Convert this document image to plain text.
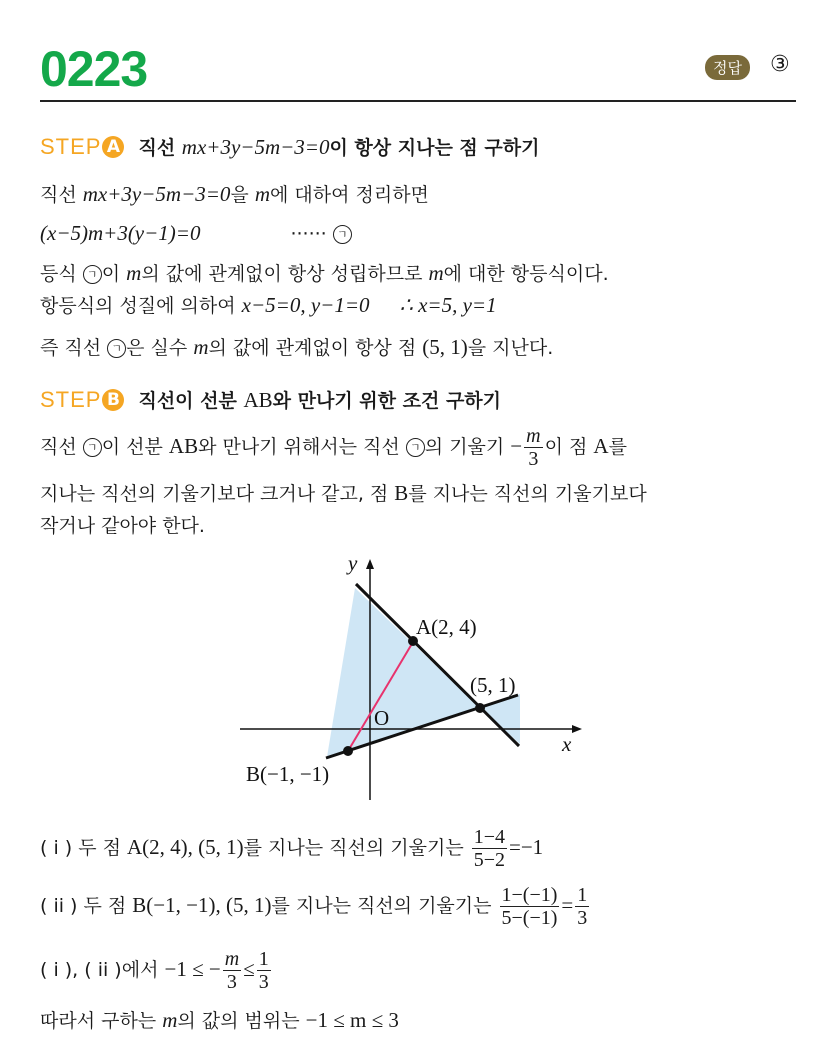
0223	정답	③
STEP A 직선 mx+3y−5m−3=0이 항상 지나는 점 구하기
직선 mx+3y−5m−3=0을 m에 대하여 정리하면
(x−5)m+3(y−1)=0	······ ㄱ
등식 ㄱ 이 m의 값에 관계없이 항상 성립하므로 m에 대한 항등식이다.
항등식의 성질에 의하여 x−5=0, y−1=0 ∴ x=5, y=1
즉 직선 ㄱ 은 실수 m의 값에 관계없이 항상 점 (5, 1)을 지난다.
STEP B 직선이 선분 AB와 만나기 위한 조건 구하기
직선 ㄱ 이 선분 AB와 만나기 위해서는 직선 ㄱ 의 기울기 − $\frac{m}{3}$ 이 점 A를
지나는 직선의 기울기보다 크거나 같고, 점 B를 지나는 직선의 기울기보다
작거나 같아야 한다.
y
x
O
A(2, 4)
(5, 1)
B(−1, −1)
( i ) 두 점 A(2, 4), (5, 1)를 지나는 직선의 기울기는 $\frac{1-4}{5-2} =-1$
( ii ) 두 점 B(−1, −1), (5, 1)를 지나는 직선의 기울기는 $\frac{1-(-1)}{5-(-1)} = \frac{1}{3}$
( i ), ( ii )에서 −1 ≤ − $\frac{m}{3} \le \frac{1}{3}$
따라서 구하는 m의 값의 범위는 −1 ≤ m ≤ 3
